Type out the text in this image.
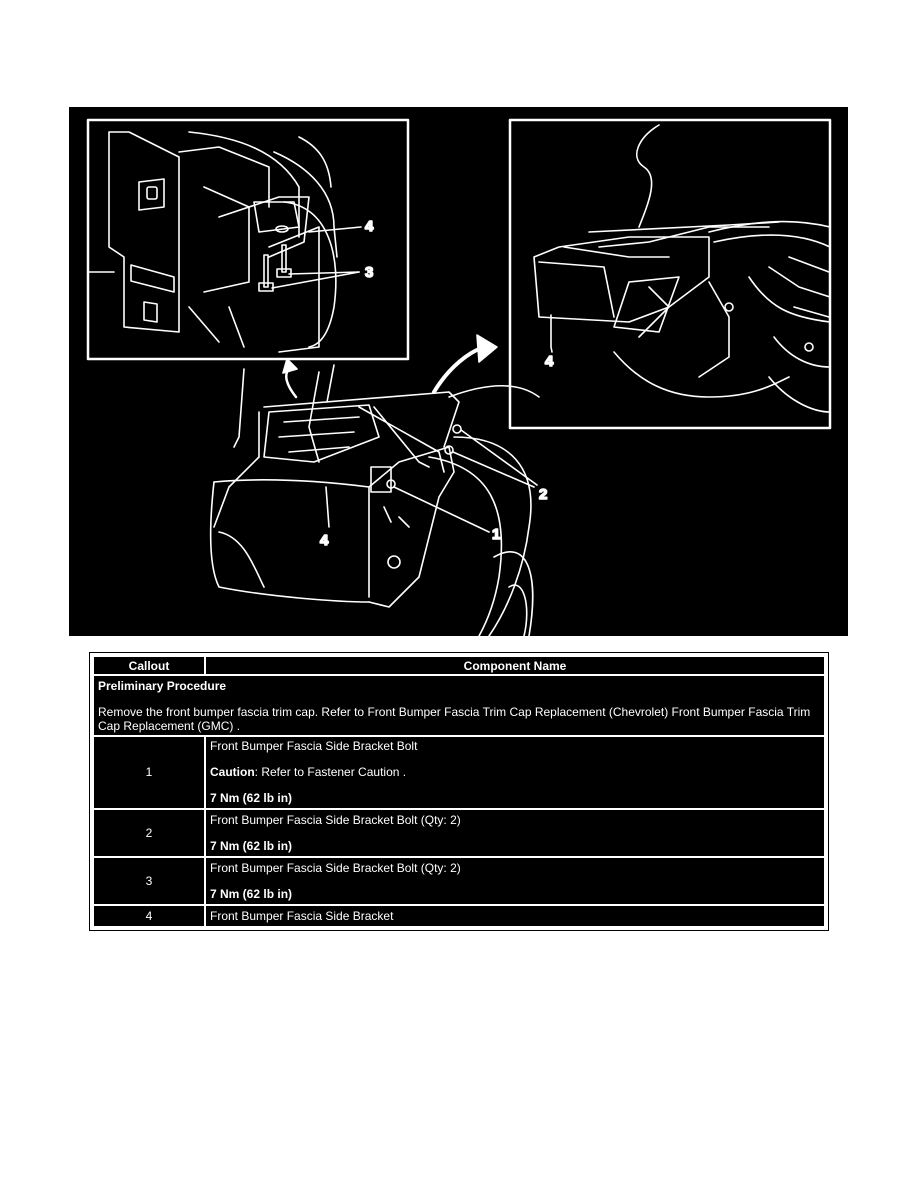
4
3
4
1
2
4
Callout	Component Name

Preliminary Procedure
Remove the front bumper fascia trim cap. Refer to Front Bumper Fascia Trim Cap Replacement (Chevrolet) Front Bumper Fascia Trim Cap Replacement (GMC) .	

1	Front Bumper Fascia Side Bracket Bolt
Caution: Refer to Fastener Caution .
7 Nm (62 lb in)

2	Front Bumper Fascia Side Bracket Bolt (Qty: 2)
7 Nm (62 lb in)

3	Front Bumper Fascia Side Bracket Bolt (Qty: 2)
7 Nm (62 lb in)

4	Front Bumper Fascia Side Bracket
